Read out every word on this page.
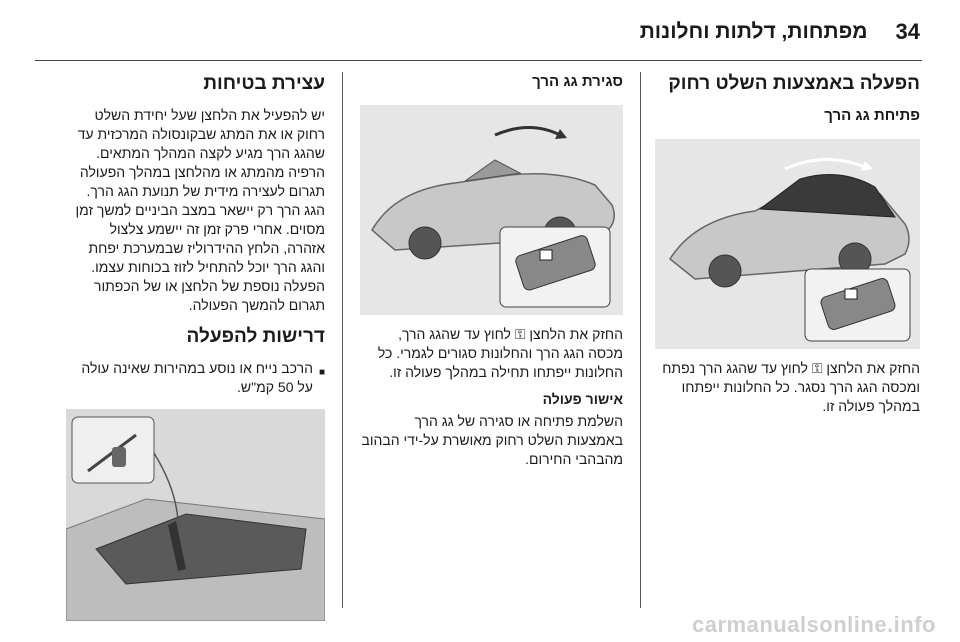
34
מפתחות, דלתות וחלונות
הפעלה באמצעות השלט רחוק
פתיחת גג הרך

החזק את הלחצן ⚿ לחוץ עד שהגג הרך נפתח ומכסה הגג הרך נסגר. כל החלונות ייפתחו במהלך פעולה זו.

סגירת גג הרך

החזק את הלחצן ⚿ לחוץ עד שהגג הרך, מכסה הגג הרך והחלונות סגורים לגמרי. כל החלונות ייפתחו תחילה במהלך פעולה זו.

אישור פעולה

השלמת פתיחה או סגירה של גג הרך באמצעות השלט רחוק מאושרת על-ידי הבהוב מהבהבי החירום.

עצירת בטיחות

יש להפעיל את הלחצן שעל יחידת השלט רחוק או את המתג שבקונסולה המרכזית עד שהגג הרך מגיע לקצה המהלך המתאים. הרפיה מהמתג או מהלחצן במהלך הפעולה תגרום לעצירה מידית של תנועת הגג הרך. הגג הרך רק יישאר במצב הביניים למשך זמן מסוים. אחרי פרק זמן זה יישמע צלצול אזהרה, הלחץ ההידרוליז שבמערכת יפחת והגג הרך יוכל להתחיל לזוז בכוחות עצמו. הפעלה נוספת של הלחצן או של הכפתור תגרום להמשך הפעולה.

דרישות להפעלה
■
הרכב נייח או נוסע במהירות שאינה עולה על 50 קמ"ש.
carmanualsonline.info
